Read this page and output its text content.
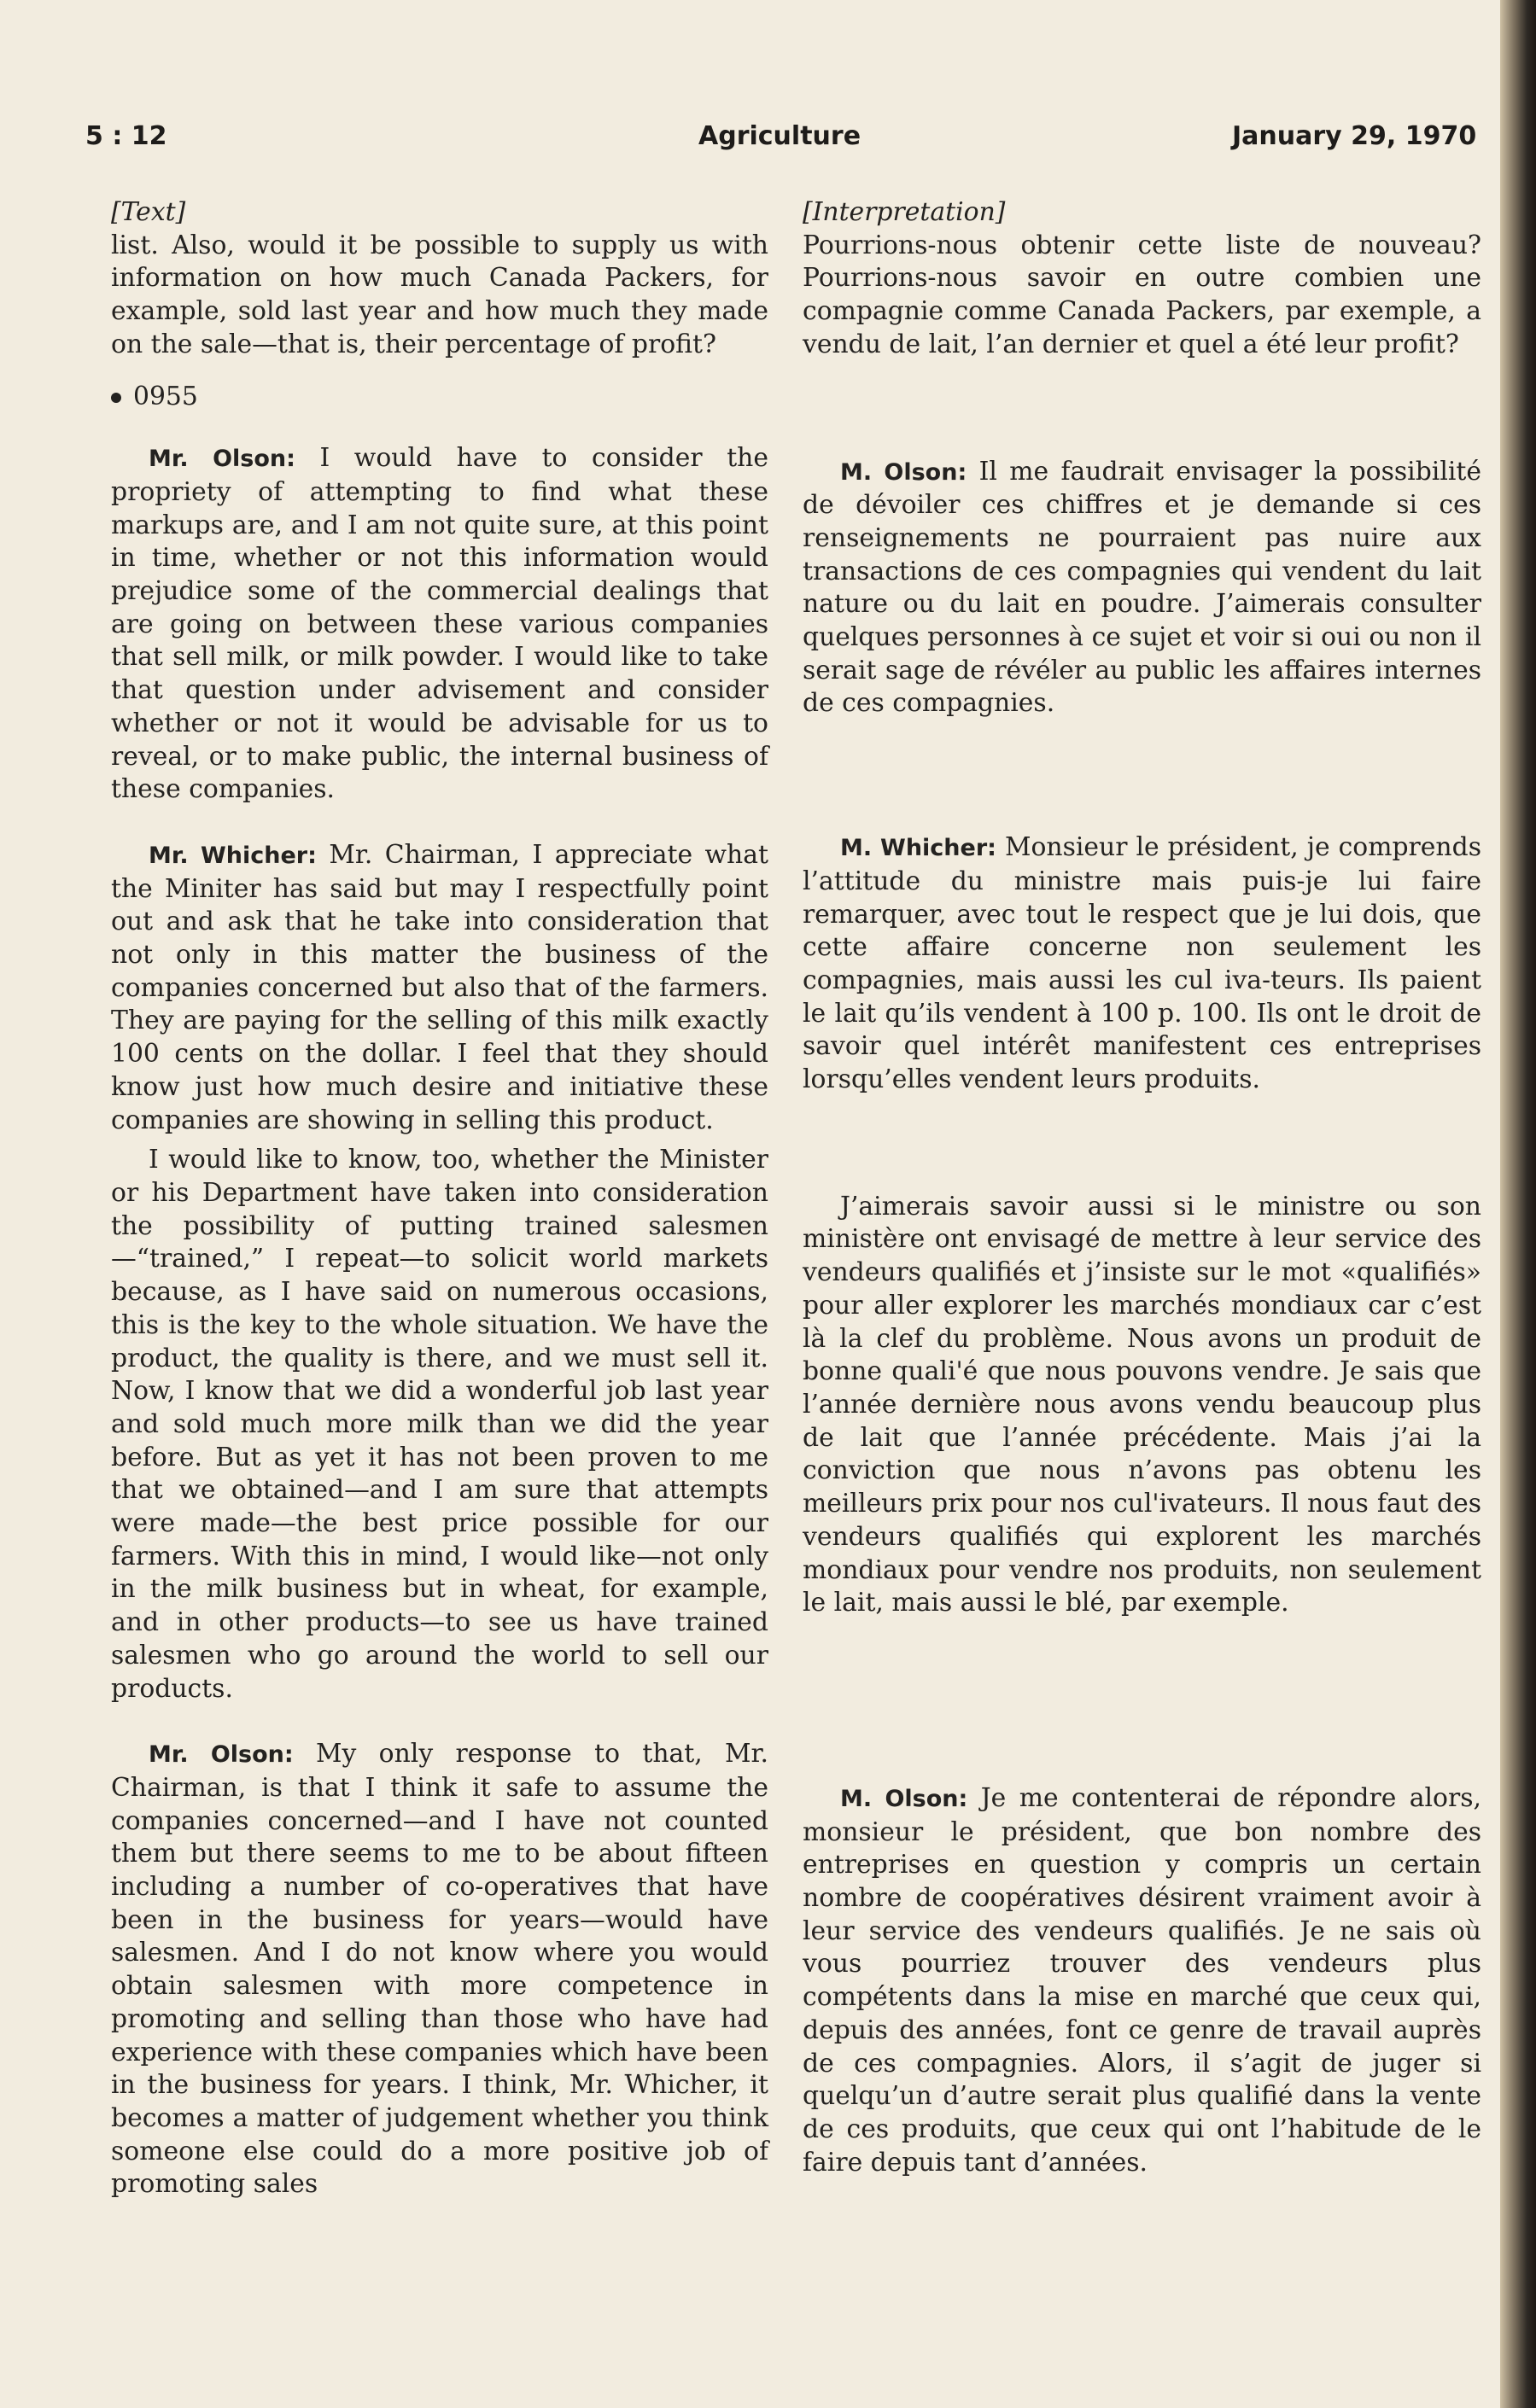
5 : 12	Agriculture	January 29, 1970
[Text]

list. Also, would it be possible to supply us with information on how much Canada Packers, for example, sold last year and how much they made on the sale—that is, their percentage of profit?

0955

Mr. Olson: I would have to consider the propriety of attempting to find what these markups are, and I am not quite sure, at this point in time, whether or not this information would prejudice some of the commercial dealings that are going on between these various companies that sell milk, or milk powder. I would like to take that question under advisement and consider whether or not it would be advisable for us to reveal, or to make public, the internal business of these companies.

Mr. Whicher: Mr. Chairman, I appreciate what the Miniter has said but may I respectfully point out and ask that he take into consideration that not only in this matter the business of the companies concerned but also that of the farmers. They are paying for the selling of this milk exactly 100 cents on the dollar. I feel that they should know just how much desire and initiative these companies are showing in selling this product.

I would like to know, too, whether the Minister or his Department have taken into consideration the possibility of putting trained salesmen—“trained,” I repeat—to solicit world markets because, as I have said on numerous occasions, this is the key to the whole situation. We have the product, the quality is there, and we must sell it. Now, I know that we did a wonderful job last year and sold much more milk than we did the year before. But as yet it has not been proven to me that we obtained—and I am sure that attempts were made—the best price possible for our farmers. With this in mind, I would like—not only in the milk business but in wheat, for example, and in other products—to see us have trained salesmen who go around the world to sell our products.

Mr. Olson: My only response to that, Mr. Chairman, is that I think it safe to assume the companies concerned—and I have not counted them but there seems to me to be about fifteen including a number of co-operatives that have been in the business for years—would have salesmen. And I do not know where you would obtain salesmen with more competence in promoting and selling than those who have had experience with these companies which have been in the business for years. I think, Mr. Whicher, it becomes a matter of judgement whether you think someone else could do a more positive job of promoting sales

[Interpretation]

Pourrions-nous obtenir cette liste de nouveau? Pourrions-nous savoir en outre combien une compagnie comme Canada Packers, par exemple, a vendu de lait, l’an dernier et quel a été leur profit?

M. Olson: Il me faudrait envisager la possibilité de dévoiler ces chiffres et je demande si ces renseignements ne pourraient pas nuire aux transactions de ces compagnies qui vendent du lait nature ou du lait en poudre. J’aimerais consulter quelques personnes à ce sujet et voir si oui ou non il serait sage de révéler au public les affaires internes de ces compagnies.

M. Whicher: Monsieur le président, je comprends l’attitude du ministre mais puis-je lui faire remarquer, avec tout le respect que je lui dois, que cette affaire concerne non seulement les compagnies, mais aussi les cul iva-teurs. Ils paient le lait qu’ils vendent à 100 p. 100. Ils ont le droit de savoir quel intérêt manifestent ces entreprises lorsqu’elles vendent leurs produits.

J’aimerais savoir aussi si le ministre ou son ministère ont envisagé de mettre à leur service des vendeurs qualifiés et j’insiste sur le mot «qualifiés» pour aller explorer les marchés mondiaux car c’est là la clef du problème. Nous avons un produit de bonne quali'é que nous pouvons vendre. Je sais que l’année dernière nous avons vendu beaucoup plus de lait que l’année précédente. Mais j’ai la conviction que nous n’avons pas obtenu les meilleurs prix pour nos cul'ivateurs. Il nous faut des vendeurs qualifiés qui explorent les marchés mondiaux pour vendre nos produits, non seulement le lait, mais aussi le blé, par exemple.

M. Olson: Je me contenterai de répondre alors, monsieur le président, que bon nombre des entreprises en question y compris un certain nombre de coopératives désirent vraiment avoir à leur service des vendeurs qualifiés. Je ne sais où vous pourriez trouver des vendeurs plus compétents dans la mise en marché que ceux qui, depuis des années, font ce genre de travail auprès de ces compagnies. Alors, il s’agit de juger si quelqu’un d’autre serait plus qualifié dans la vente de ces produits, que ceux qui ont l’habitude de le faire depuis tant d’années.
